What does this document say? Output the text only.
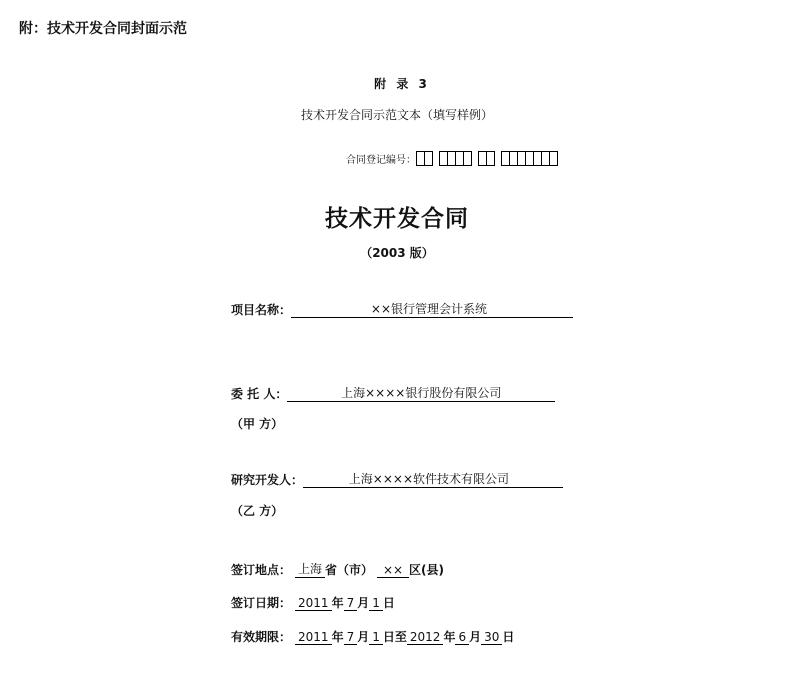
附：技术开发合同封面示范
附 录 3
技术开发合同示范文本（填写样例）
合同登记编号：
技术开发合同
（2003 版）
项目名称：	××银行管理会计系统
委 托 人：	上海××××银行股份有限公司
（甲 方）
研究开发人：	上海××××软件技术有限公司
（乙 方）
签订地点： 上海 省（市） ×× 区(县)
签订日期： 2011 年 7 月 1 日
有效期限： 2011 年 7 月 1 日至 2012 年 6 月 30 日
